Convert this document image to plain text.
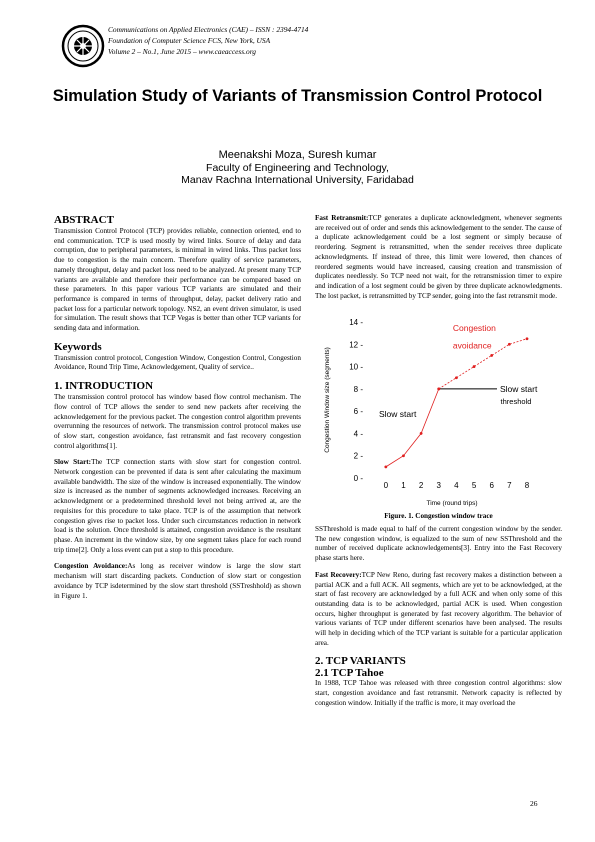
Communications on Applied Electronics (CAE) – ISSN : 2394-4714
Foundation of Computer Science FCS, New York, USA
Volume 2 – No.1, June 2015 – www.caeaccess.org
Simulation Study of Variants of Transmission Control Protocol
Meenakshi Moza, Suresh kumar
Faculty of Engineering and Technology,
Manav Rachna International University, Faridabad
ABSTRACT

Transmission Control Protocol (TCP) provides reliable, connection oriented, end to end communication. TCP is used mostly by wired links. Source of delay and data corruption, due to peripheral parameters, is minimal in wired links. Thus packet loss due to congestion is the main concern. Therefore quality of service parameters, namely throughput, delay and packet loss need to be analyzed. At present many TCP variants are available and therefore their performance can be compared based on these parameters. In this paper various TCP variants are simulated and their performance is compared in terms of throughput, delay, packet delivery ratio and packet loss for a particular network topology. NS2, an event driven simulator, is used for simulation. The result shows that TCP Vegas is better than other TCP variants for sending data and information.

Keywords

Transmission control protocol, Congestion Window, Congestion Control, Congestion Avoidance, Round Trip Time, Acknowledgement, Quality of service..

1. INTRODUCTION

The transmission control protocol has window based flow control mechanism. The flow control of TCP allows the sender to send new packets after receiving the acknowledgement for the previous packet. The congestion control algorithm prevents overrunning the resources of network. The transmission control protocol makes use of slow start, congestion avoidance, fast retransmit and fast recovery congestion control algorithms[1].

Slow Start:The TCP connection starts with slow start for congestion control. Network congestion can be prevented if data is sent after calculating the maximum available bandwidth. The size of the window is increased exponentially. The window size is increased as the number of segments acknowledged increases. Receiving an acknowledgment or a predetermined threshold level not being arrived at, are the requisites for this procedure to take place. TCP is of the assumption that network congestion gives rise to packet loss. Under such circumstances reduction in network load is the solution. Once threshold is attained, congestion avoidance is the resultant phase. An increment in the window size, by one segment takes place for each round trip time[2]. Only a loss event can put a stop to this procedure.

Congestion Avoidance:As long as receiver window is large the slow start mechanism will start discarding packets. Conduction of slow start or congestion avoidance by TCP isdetermined by the slow start threshold (SSTreshhold) as shown in Figure 1.

Fast Retransmit:TCP generates a duplicate acknowledgment, whenever segments are received out of order and sends this acknowledgement to the sender. The cause of a duplicate acknowledgement could be a lost segment or simply because of reordering. Segment is retransmitted, when the sender receives three duplicate acknowledgments. If instead of three, this limit were lowered, then chances of reordered segments would have increased, causing creation and transmission of duplicates needlessly. So TCP need not wait, for the retransmission timer to expire and indication of a lost segment could be given by three duplicate acknowledgments. The lost packet, is retransmitted by TCP sender, going into the fast retransmit mode.

0 -
2 -
4 -
6 -
8 -
10 -
12 -
14 -
0 1 2 3 4 5 6 7 8
Time (round trips)
Congestion Window size (segments)	Slow start
threshold
Slow start
Congestion
avoidance
Figure. 1. Congestion window trace

SSThreshold is made equal to half of the current congestion window by the sender. The new congestion window, is equalized to the sum of new SSThreshold and the number of received duplicate acknowledgements[3]. Entry into the Fast Recovery phase starts here.

Fast Recovery:TCP New Reno, during fast recovery makes a distinction between a partial ACK and a full ACK. All segments, which are yet to be acknowledged, at the start of fast recovery are acknowledged by a full ACK and when only some of this outstanding data is to be acknowledged, partial ACK is used. When congestion occurs, higher throughput is generated by fast recovery algorithm. The behavior of various variants of TCP under different scenarios have been analysed. The results will help in deciding which of the TCP variant is suitable for a particular application area.

2. TCP VARIANTS
2.1 TCP Tahoe

In 1988, TCP Tahoe was released with three congestion control algorithms: slow start, congestion avoidance and fast retransmit. Network capacity is reflected by congestion window. Initially if the traffic is more, it may overload the

26
